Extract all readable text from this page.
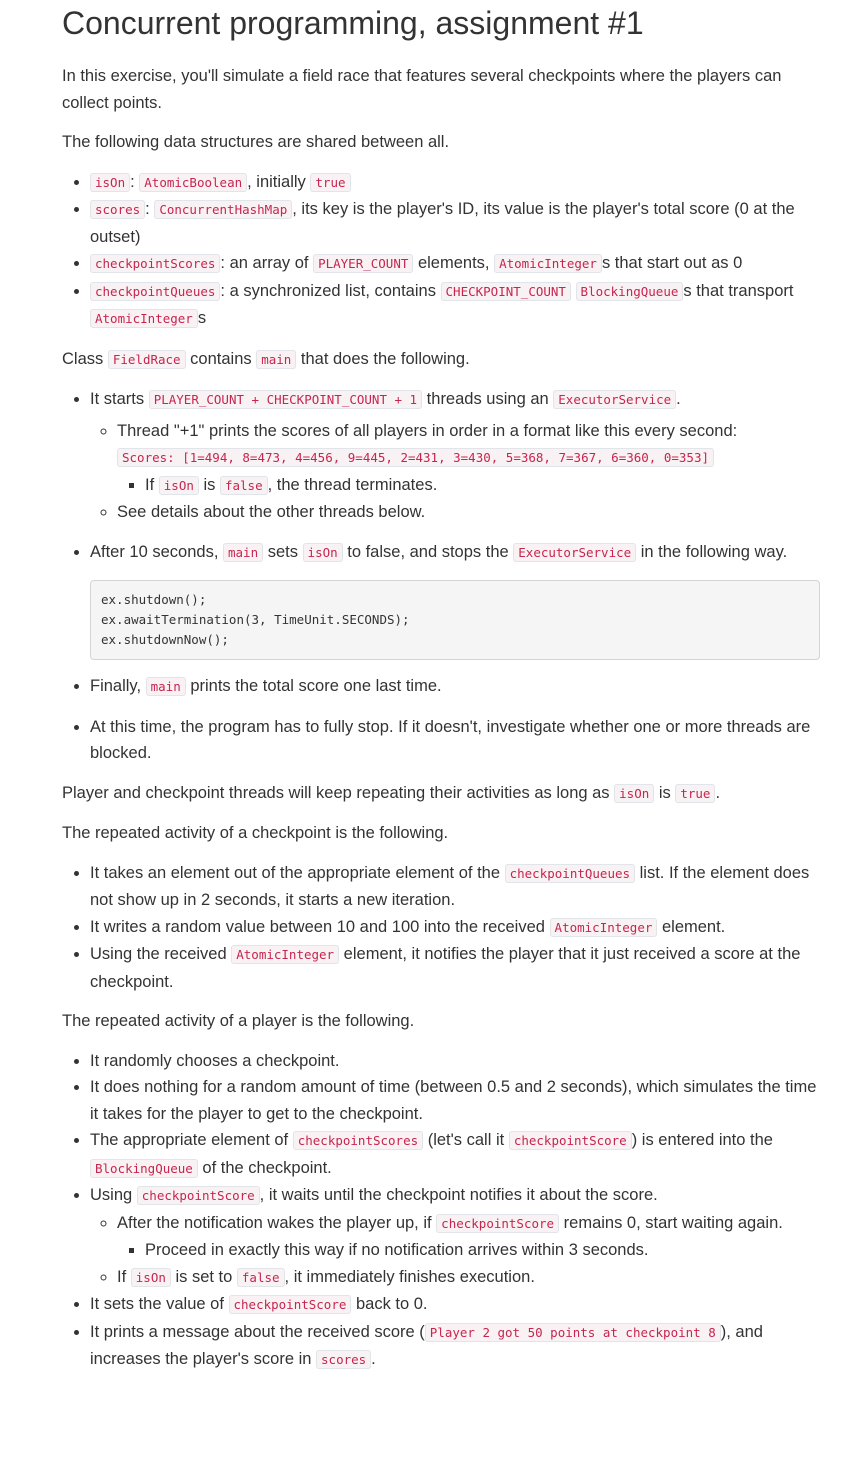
Concurrent programming, assignment #1

In this exercise, you'll simulate a field race that features several checkpoints where the players can collect points.

The following data structures are shared between all.

• isOn : AtomicBoolean , initially true
• scores : ConcurrentHashMap , its key is the player's ID, its value is the player's total score (0 at the outset)
• checkpointScores : an array of PLAYER_COUNT elements, AtomicInteger s that start out as 0
• checkpointQueues : a synchronized list, contains CHECKPOINT_COUNT BlockingQueue s that transport AtomicInteger s

Class FieldRace contains main that does the following.

• It starts PLAYER_COUNT + CHECKPOINT_COUNT + 1 threads using an ExecutorService .
◦ Thread "+1" prints the scores of all players in order in a format like this every second:
Scores: [1=494, 8=473, 4=456, 9=445, 2=431, 3=430, 5=368, 7=367, 6=360, 0=353]
▪ If isOn is false , the thread terminates.
◦ See details about the other threads below.
• After 10 seconds, main sets isOn to false, and stops the ExecutorService in the following way.
ex.shutdown();
ex.awaitTermination(3, TimeUnit.SECONDS);
ex.shutdownNow();
• Finally, main prints the total score one last time.
• At this time, the program has to fully stop. If it doesn't, investigate whether one or more threads are blocked.

Player and checkpoint threads will keep repeating their activities as long as isOn is true .

The repeated activity of a checkpoint is the following.

• It takes an element out of the appropriate element of the checkpointQueues list. If the element does not show up in 2 seconds, it starts a new iteration.
• It writes a random value between 10 and 100 into the received AtomicInteger element.
• Using the received AtomicInteger element, it notifies the player that it just received a score at the checkpoint.

The repeated activity of a player is the following.

• It randomly chooses a checkpoint.
• It does nothing for a random amount of time (between 0.5 and 2 seconds), which simulates the time it takes for the player to get to the checkpoint.
• The appropriate element of checkpointScores (let's call it checkpointScore ) is entered into the BlockingQueue of the checkpoint.
• Using checkpointScore , it waits until the checkpoint notifies it about the score.
◦ After the notification wakes the player up, if checkpointScore remains 0, start waiting again.
▪ Proceed in exactly this way if no notification arrives within 3 seconds.
◦ If isOn is set to false , it immediately finishes execution.
• It sets the value of checkpointScore back to 0.
• It prints a message about the received score ( Player 2 got 50 points at checkpoint 8 ), and increases the player's score in scores .
